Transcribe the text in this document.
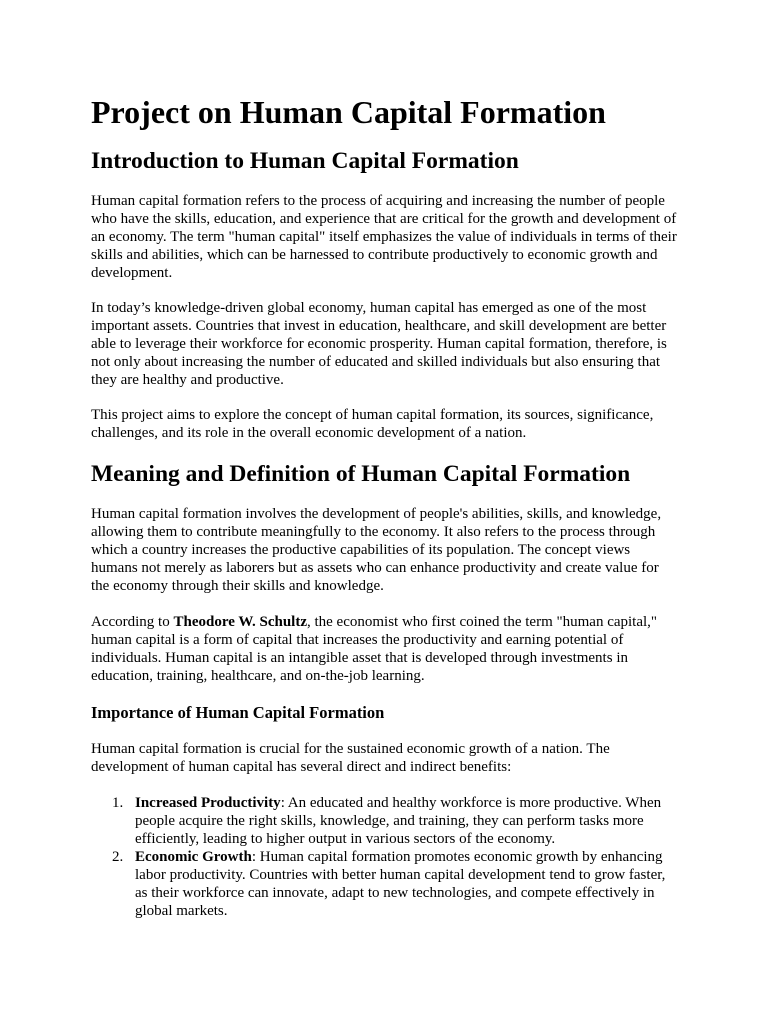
Project on Human Capital Formation
Introduction to Human Capital Formation

Human capital formation refers to the process of acquiring and increasing the number of people who have the skills, education, and experience that are critical for the growth and development of an economy. The term "human capital" itself emphasizes the value of individuals in terms of their skills and abilities, which can be harnessed to contribute productively to economic growth and development.

In today’s knowledge-driven global economy, human capital has emerged as one of the most important assets. Countries that invest in education, healthcare, and skill development are better able to leverage their workforce for economic prosperity. Human capital formation, therefore, is not only about increasing the number of educated and skilled individuals but also ensuring that they are healthy and productive.

This project aims to explore the concept of human capital formation, its sources, significance, challenges, and its role in the overall economic development of a nation.

Meaning and Definition of Human Capital Formation

Human capital formation involves the development of people's abilities, skills, and knowledge, allowing them to contribute meaningfully to the economy. It also refers to the process through which a country increases the productive capabilities of its population. The concept views humans not merely as laborers but as assets who can enhance productivity and create value for the economy through their skills and knowledge.

According to Theodore W. Schultz, the economist who first coined the term "human capital," human capital is a form of capital that increases the productivity and earning potential of individuals. Human capital is an intangible asset that is developed through investments in education, training, healthcare, and on-the-job learning.

Importance of Human Capital Formation

Human capital formation is crucial for the sustained economic growth of a nation. The development of human capital has several direct and indirect benefits:

1. Increased Productivity: An educated and healthy workforce is more productive. When people acquire the right skills, knowledge, and training, they can perform tasks more efficiently, leading to higher output in various sectors of the economy.
2. Economic Growth: Human capital formation promotes economic growth by enhancing labor productivity. Countries with better human capital development tend to grow faster, as their workforce can innovate, adapt to new technologies, and compete effectively in global markets.
